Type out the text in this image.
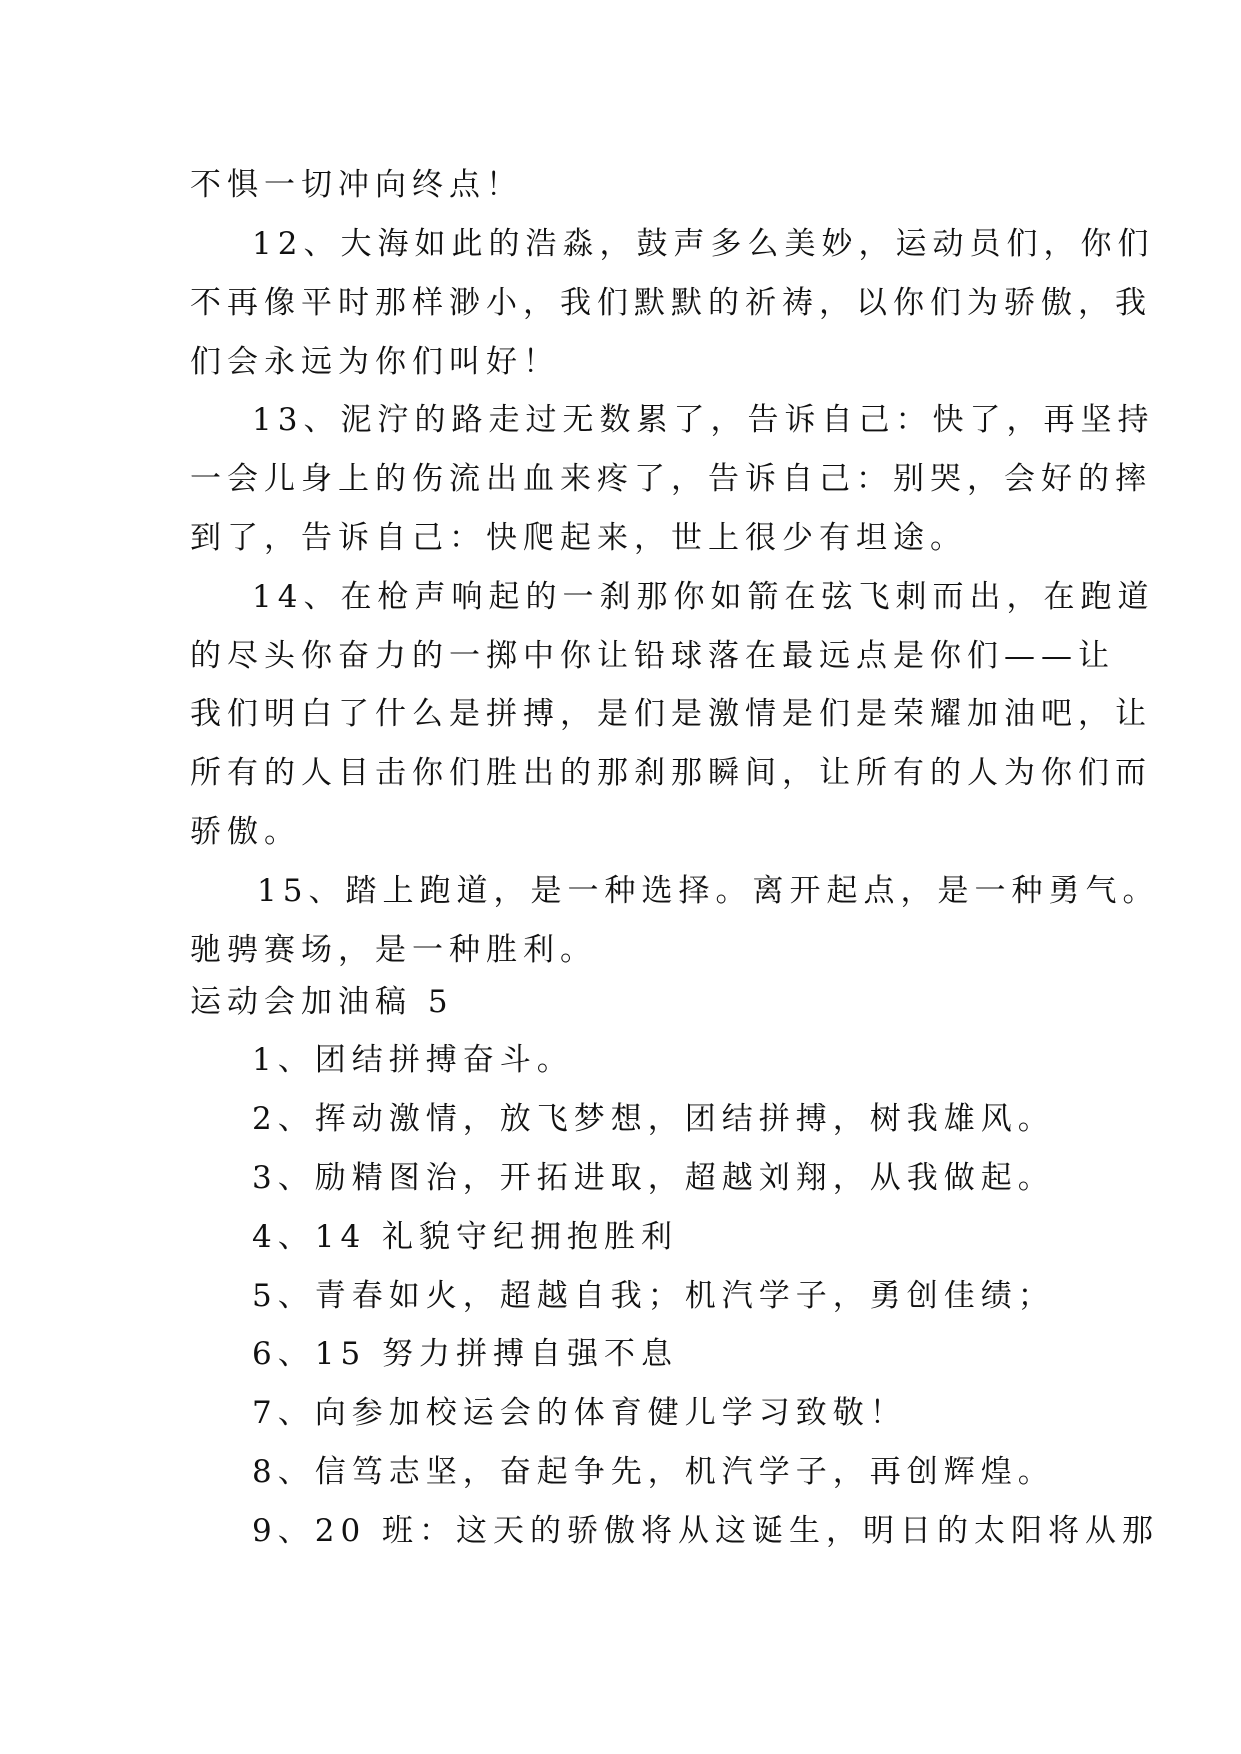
不惧一切冲向终点！
12、大海如此的浩淼，鼓声多么美妙，运动员们，你们
不再像平时那样渺小，我们默默的祈祷，以你们为骄傲，我
们会永远为你们叫好！
13、泥泞的路走过无数累了，告诉自己：快了，再坚持
一会儿身上的伤流出血来疼了，告诉自己：别哭，会好的摔
到了，告诉自己：快爬起来，世上很少有坦途。
14、在枪声响起的一刹那你如箭在弦飞刺而出，在跑道
的尽头你奋力的一掷中你让铅球落在最远点是你们——让
我们明白了什么是拼搏，是们是激情是们是荣耀加油吧，让
所有的人目击你们胜出的那刹那瞬间，让所有的人为你们而
骄傲。
15、踏上跑道，是一种选择。离开起点，是一种勇气。
驰骋赛场，是一种胜利。
运动会加油稿 5
1、团结拼搏奋斗。
2、挥动激情，放飞梦想，团结拼搏，树我雄风。
3、励精图治，开拓进取，超越刘翔，从我做起。
4、14 礼貌守纪拥抱胜利
5、青春如火，超越自我；机汽学子，勇创佳绩；
6、15 努力拼搏自强不息
7、向参加校运会的体育健儿学习致敬！
8、信笃志坚，奋起争先，机汽学子，再创辉煌。
9、20 班：这天的骄傲将从这诞生，明日的太阳将从那
